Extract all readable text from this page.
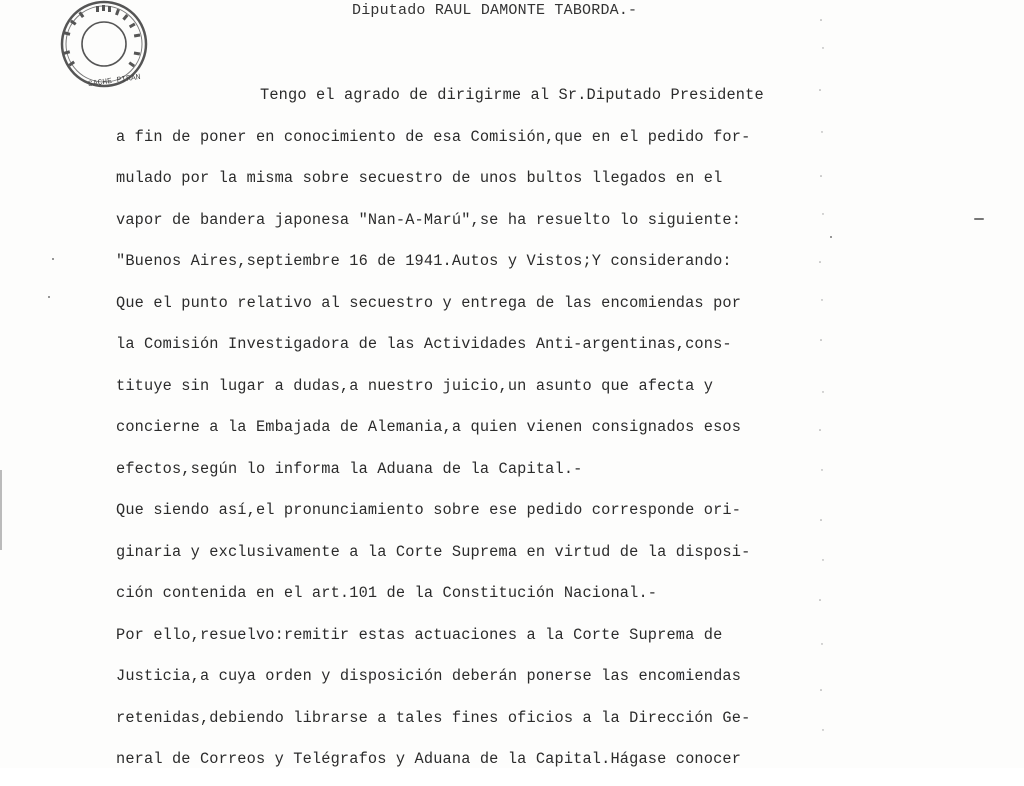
SACHE PIRAN
Diputado RAUL DAMONTE TABORDA.-
Tengo el agrado de dirigirme al Sr.Diputado Presidente
a fin de poner en conocimiento de esa Comisión,que en el pedido for-
mulado por la misma sobre secuestro de unos bultos llegados en el
vapor de bandera japonesa "Nan-A-Marú",se ha resuelto lo siguiente:
"Buenos Aires,septiembre 16 de 1941.Autos y Vistos;Y considerando:
Que el punto relativo al secuestro y entrega de las encomiendas por
la Comisión Investigadora de las Actividades Anti-argentinas,cons-
tituye sin lugar a dudas,a nuestro juicio,un asunto que afecta y
concierne a la Embajada de Alemania,a quien vienen consignados esos
efectos,según lo informa la Aduana de la Capital.-
Que siendo así,el pronunciamiento sobre ese pedido corresponde ori-
ginaria y exclusivamente a la Corte Suprema en virtud de la disposi-
ción contenida en el art.101 de la Constitución Nacional.-
Por ello,resuelvo:remitir estas actuaciones a la Corte Suprema de
Justicia,a cuya orden y disposición deberán ponerse las encomiendas
retenidas,debiendo librarse a tales fines oficios a la Dirección Ge-
neral de Correos y Telégrafos y Aduana de la Capital.Hágase conocer
